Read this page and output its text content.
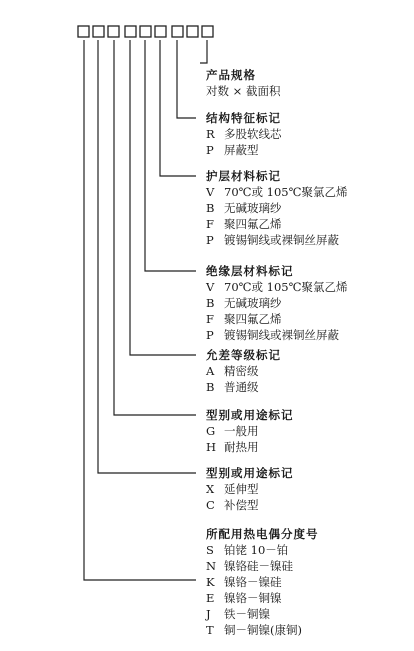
产品规格
对数 × 截面积
结构特征标记
R 多股软线芯
P 屏蔽型
护层材料标记
V 70℃或 105℃聚氯乙烯
B 无碱玻璃纱
F 聚四氟乙烯
P 镀锡铜线或裸铜丝屏蔽
绝缘层材料标记
V 70℃或 105℃聚氯乙烯
B 无碱玻璃纱
F 聚四氟乙烯
P 镀锡铜线或裸铜丝屏蔽
允差等级标记
A 精密级
B 普通级
型别或用途标记
G 一般用
H 耐热用
型别或用途标记
X 延伸型
C 补偿型
所配用热电偶分度号
S 铂铑 10－铂
N 镍铬硅－镍硅
K 镍铬－镍硅
E 镍铬－铜镍
J 铁－铜镍
T 铜－铜镍(康铜)
